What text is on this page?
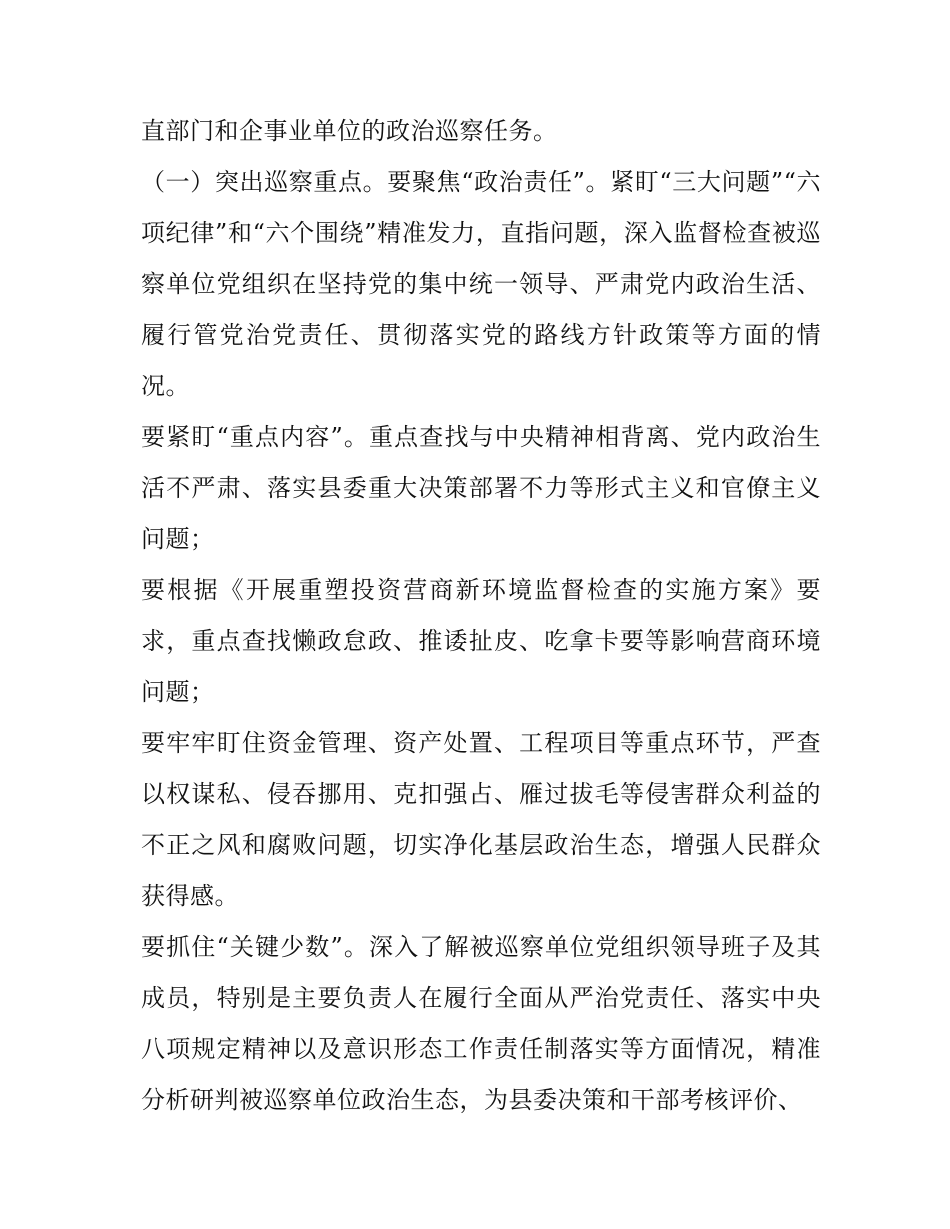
直部门和企事业单位的政治巡察任务。

（一）突出巡察重点。要聚焦“政治责任”。紧盯“三大问题”“六项纪律”和“六个围绕”精准发力，直指问题，深入监督检查被巡察单位党组织在坚持党的集中统一领导、严肃党内政治生活、履行管党治党责任、贯彻落实党的路线方针政策等方面的情况。

要紧盯“重点内容”。重点查找与中央精神相背离、党内政治生活不严肃、落实县委重大决策部署不力等形式主义和官僚主义问题；

要根据《开展重塑投资营商新环境监督检查的实施方案》要求，重点查找懒政怠政、推诿扯皮、吃拿卡要等影响营商环境问题；

要牢牢盯住资金管理、资产处置、工程项目等重点环节，严查以权谋私、侵吞挪用、克扣强占、雁过拔毛等侵害群众利益的不正之风和腐败问题，切实净化基层政治生态，增强人民群众获得感。

要抓住“关键少数”。深入了解被巡察单位党组织领导班子及其成员，特别是主要负责人在履行全面从严治党责任、落实中央八项规定精神以及意识形态工作责任制落实等方面情况，精准分析研判被巡察单位政治生态，为县委决策和干部考核评价、
